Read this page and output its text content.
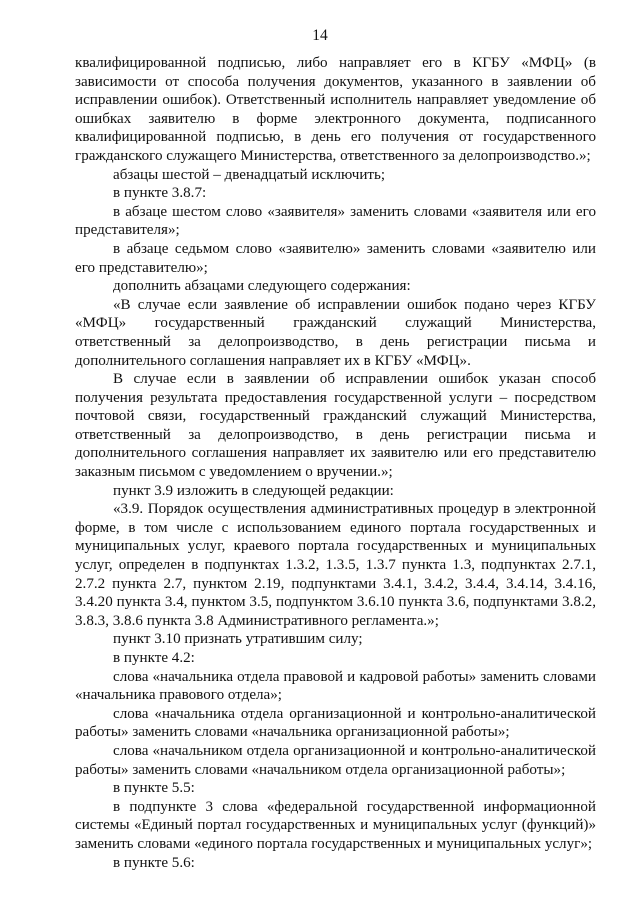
14

квалифицированной подписью, либо направляет его в КГБУ «МФЦ» (в зависимости от способа получения документов, указанного в заявлении об исправлении ошибок). Ответственный исполнитель направляет уведомление об ошибках заявителю в форме электронного документа, подписанного квалифицированной подписью, в день его получения от государственного гражданского служащего Министерства, ответственного за делопроизводство.»;

абзацы шестой – двенадцатый исключить;

в пункте 3.8.7:

в абзаце шестом слово «заявителя» заменить словами «заявителя или его представителя»;

в абзаце седьмом слово «заявителю» заменить словами «заявителю или его представителю»;

дополнить абзацами следующего содержания:

«В случае если заявление об исправлении ошибок подано через КГБУ «МФЦ» государственный гражданский служащий Министерства, ответственный за делопроизводство, в день регистрации письма и дополнительного соглашения направляет их в КГБУ «МФЦ».

В случае если в заявлении об исправлении ошибок указан способ получения результата предоставления государственной услуги – посредством почтовой связи, государственный гражданский служащий Министерства, ответственный за делопроизводство, в день регистрации письма и дополнительного соглашения направляет их заявителю или его представителю заказным письмом с уведомлением о вручении.»;

пункт 3.9 изложить в следующей редакции:

«3.9. Порядок осуществления административных процедур в электронной форме, в том числе с использованием единого портала государственных и муниципальных услуг, краевого портала государственных и муниципальных услуг, определен в подпунктах 1.3.2, 1.3.5, 1.3.7 пункта 1.3, подпунктах 2.7.1, 2.7.2 пункта 2.7, пунктом 2.19, подпунктами 3.4.1, 3.4.2, 3.4.4, 3.4.14, 3.4.16, 3.4.20 пункта 3.4, пунктом 3.5, подпунктом 3.6.10 пункта 3.6, подпунктами 3.8.2, 3.8.3, 3.8.6 пункта 3.8 Административного регламента.»;

пункт 3.10 признать утратившим силу;

в пункте 4.2:

слова «начальника отдела правовой и кадровой работы» заменить словами «начальника правового отдела»;

слова «начальника отдела организационной и контрольно-аналитической работы» заменить словами «начальника организационной работы»;

слова «начальником отдела организационной и контрольно-аналитической работы» заменить словами «начальником отдела организационной работы»;

в пункте 5.5:

в подпункте 3 слова «федеральной государственной информационной системы «Единый портал государственных и муниципальных услуг (функций)» заменить словами «единого портала государственных и муниципальных услуг»;

в пункте 5.6:
